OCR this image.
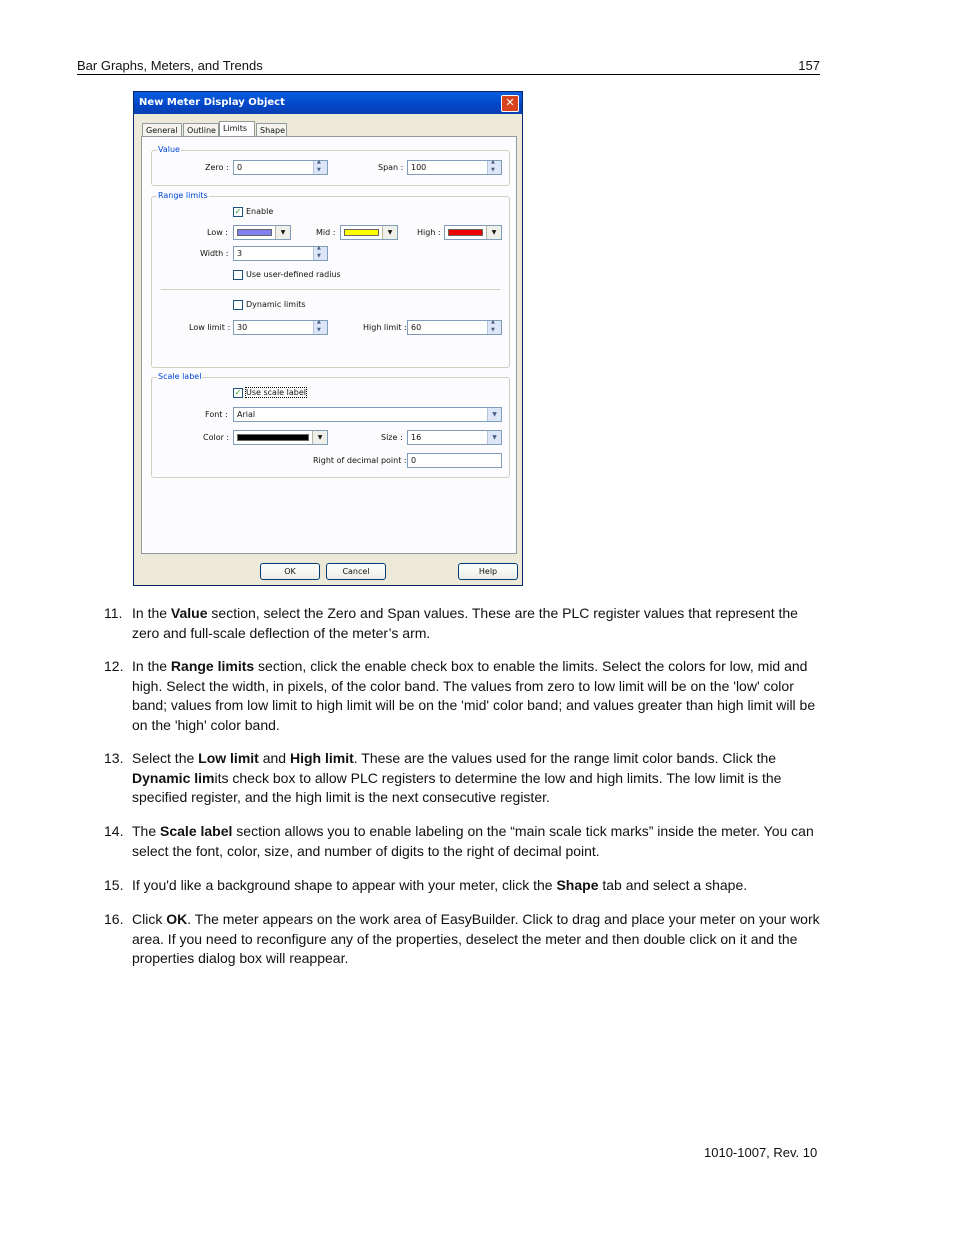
Bar Graphs, Meters, and Trends	157
New Meter Display Object	✕
General	Outline Limits	Shape
Value
Zero : 0 ▲ ▼	Span : 100
▲ ▼
Range limits
✓ Enable
Low :	▼	Mid :	▼	High :	▼
Width : 3
▲ ▼
Use user-defined radius
Dynamic limits
Low limit : 30 ▲ ▼	High limit : 60
▲ ▼
Scale label
✓ Use scale label
Font : Arial	▼
Color :	▼	Size : 16	▼
Right of decimal point : 0
OK	Cancel	Help
11. In the Value section, select the Zero and Span values. These are the PLC register values that represent the zero and full-scale deflection of the meter’s arm.
12. In the Range limits section, click the enable check box to enable the limits. Select the colors for low, mid and high. Select the width, in pixels, of the color band. The values from zero to low limit will be on the 'low' color band; values from low limit to high limit will be on the 'mid' color band; and values greater than high limit will be on the 'high' color band.
13. Select the Low limit and High limit. These are the values used for the range limit color bands. Click the Dynamic limits check box to allow PLC registers to determine the low and high limits. The low limit is the specified register, and the high limit is the next consecutive register.
14. The Scale label section allows you to enable labeling on the “main scale tick marks” inside the meter. You can select the font, color, size, and number of digits to the right of decimal point.
15. If you'd like a background shape to appear with your meter, click the Shape tab and select a shape.
16. Click OK. The meter appears on the work area of EasyBuilder. Click to drag and place your meter on your work area. If you need to reconfigure any of the properties, deselect the meter and then double click on it and the properties dialog box will reappear.
1010-1007, Rev. 10
